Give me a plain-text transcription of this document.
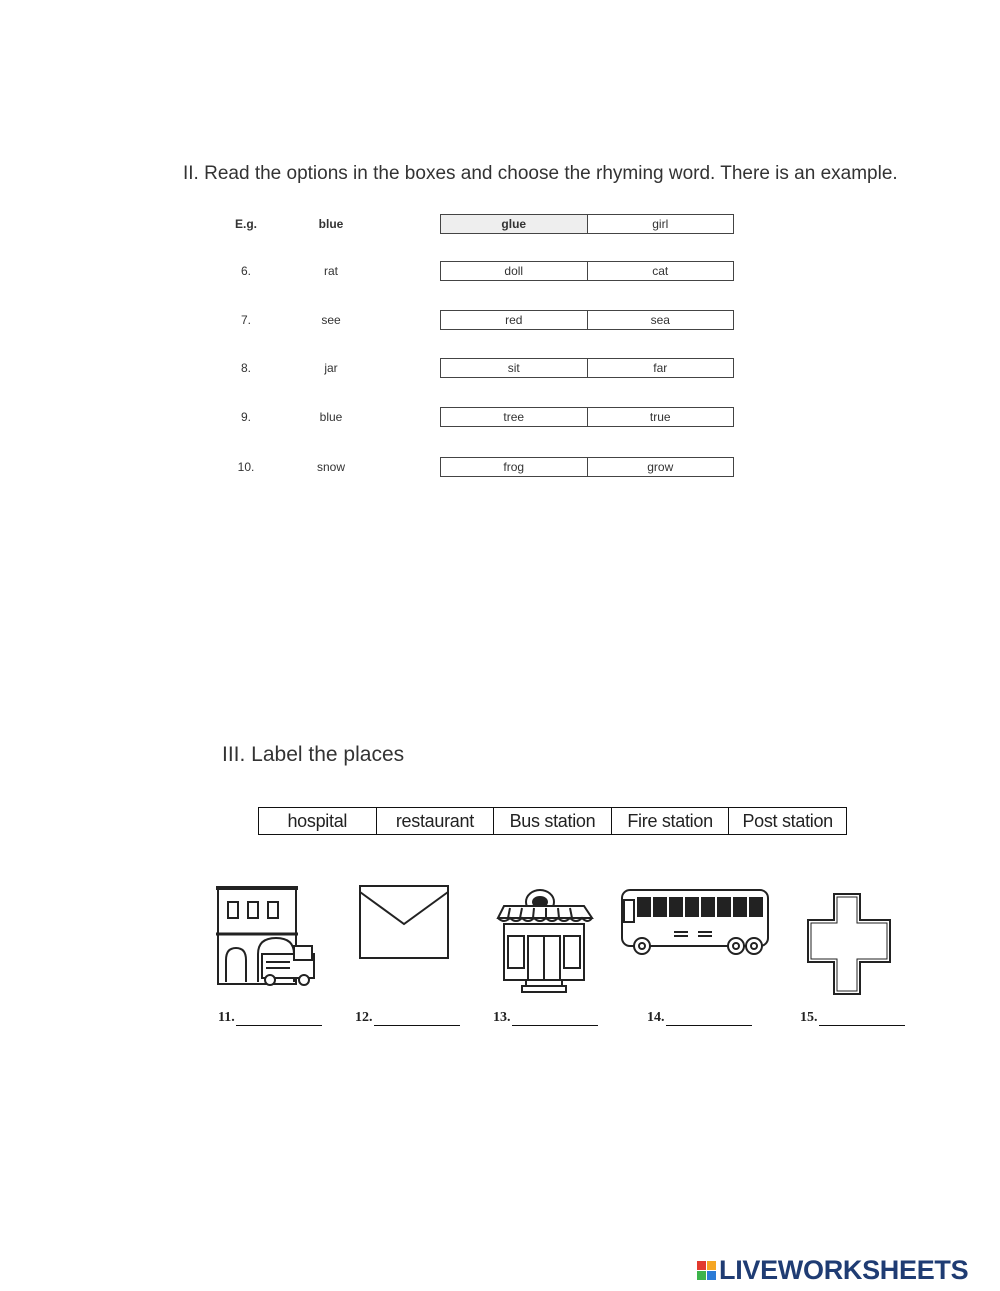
II. Read the options in the boxes and choose the rhyming word. There is an example.
E.g.	blue	glue	girl
6.	rat	doll	cat
7.	see	red	sea
8.	jar	sit	far
9.	blue	tree	true
10.	snow	frog	grow
III. Label the places
hospital	restaurant	Bus station	Fire station	Post station
11.	12.	13.	14.	15.
LIVEWORKSHEETS
